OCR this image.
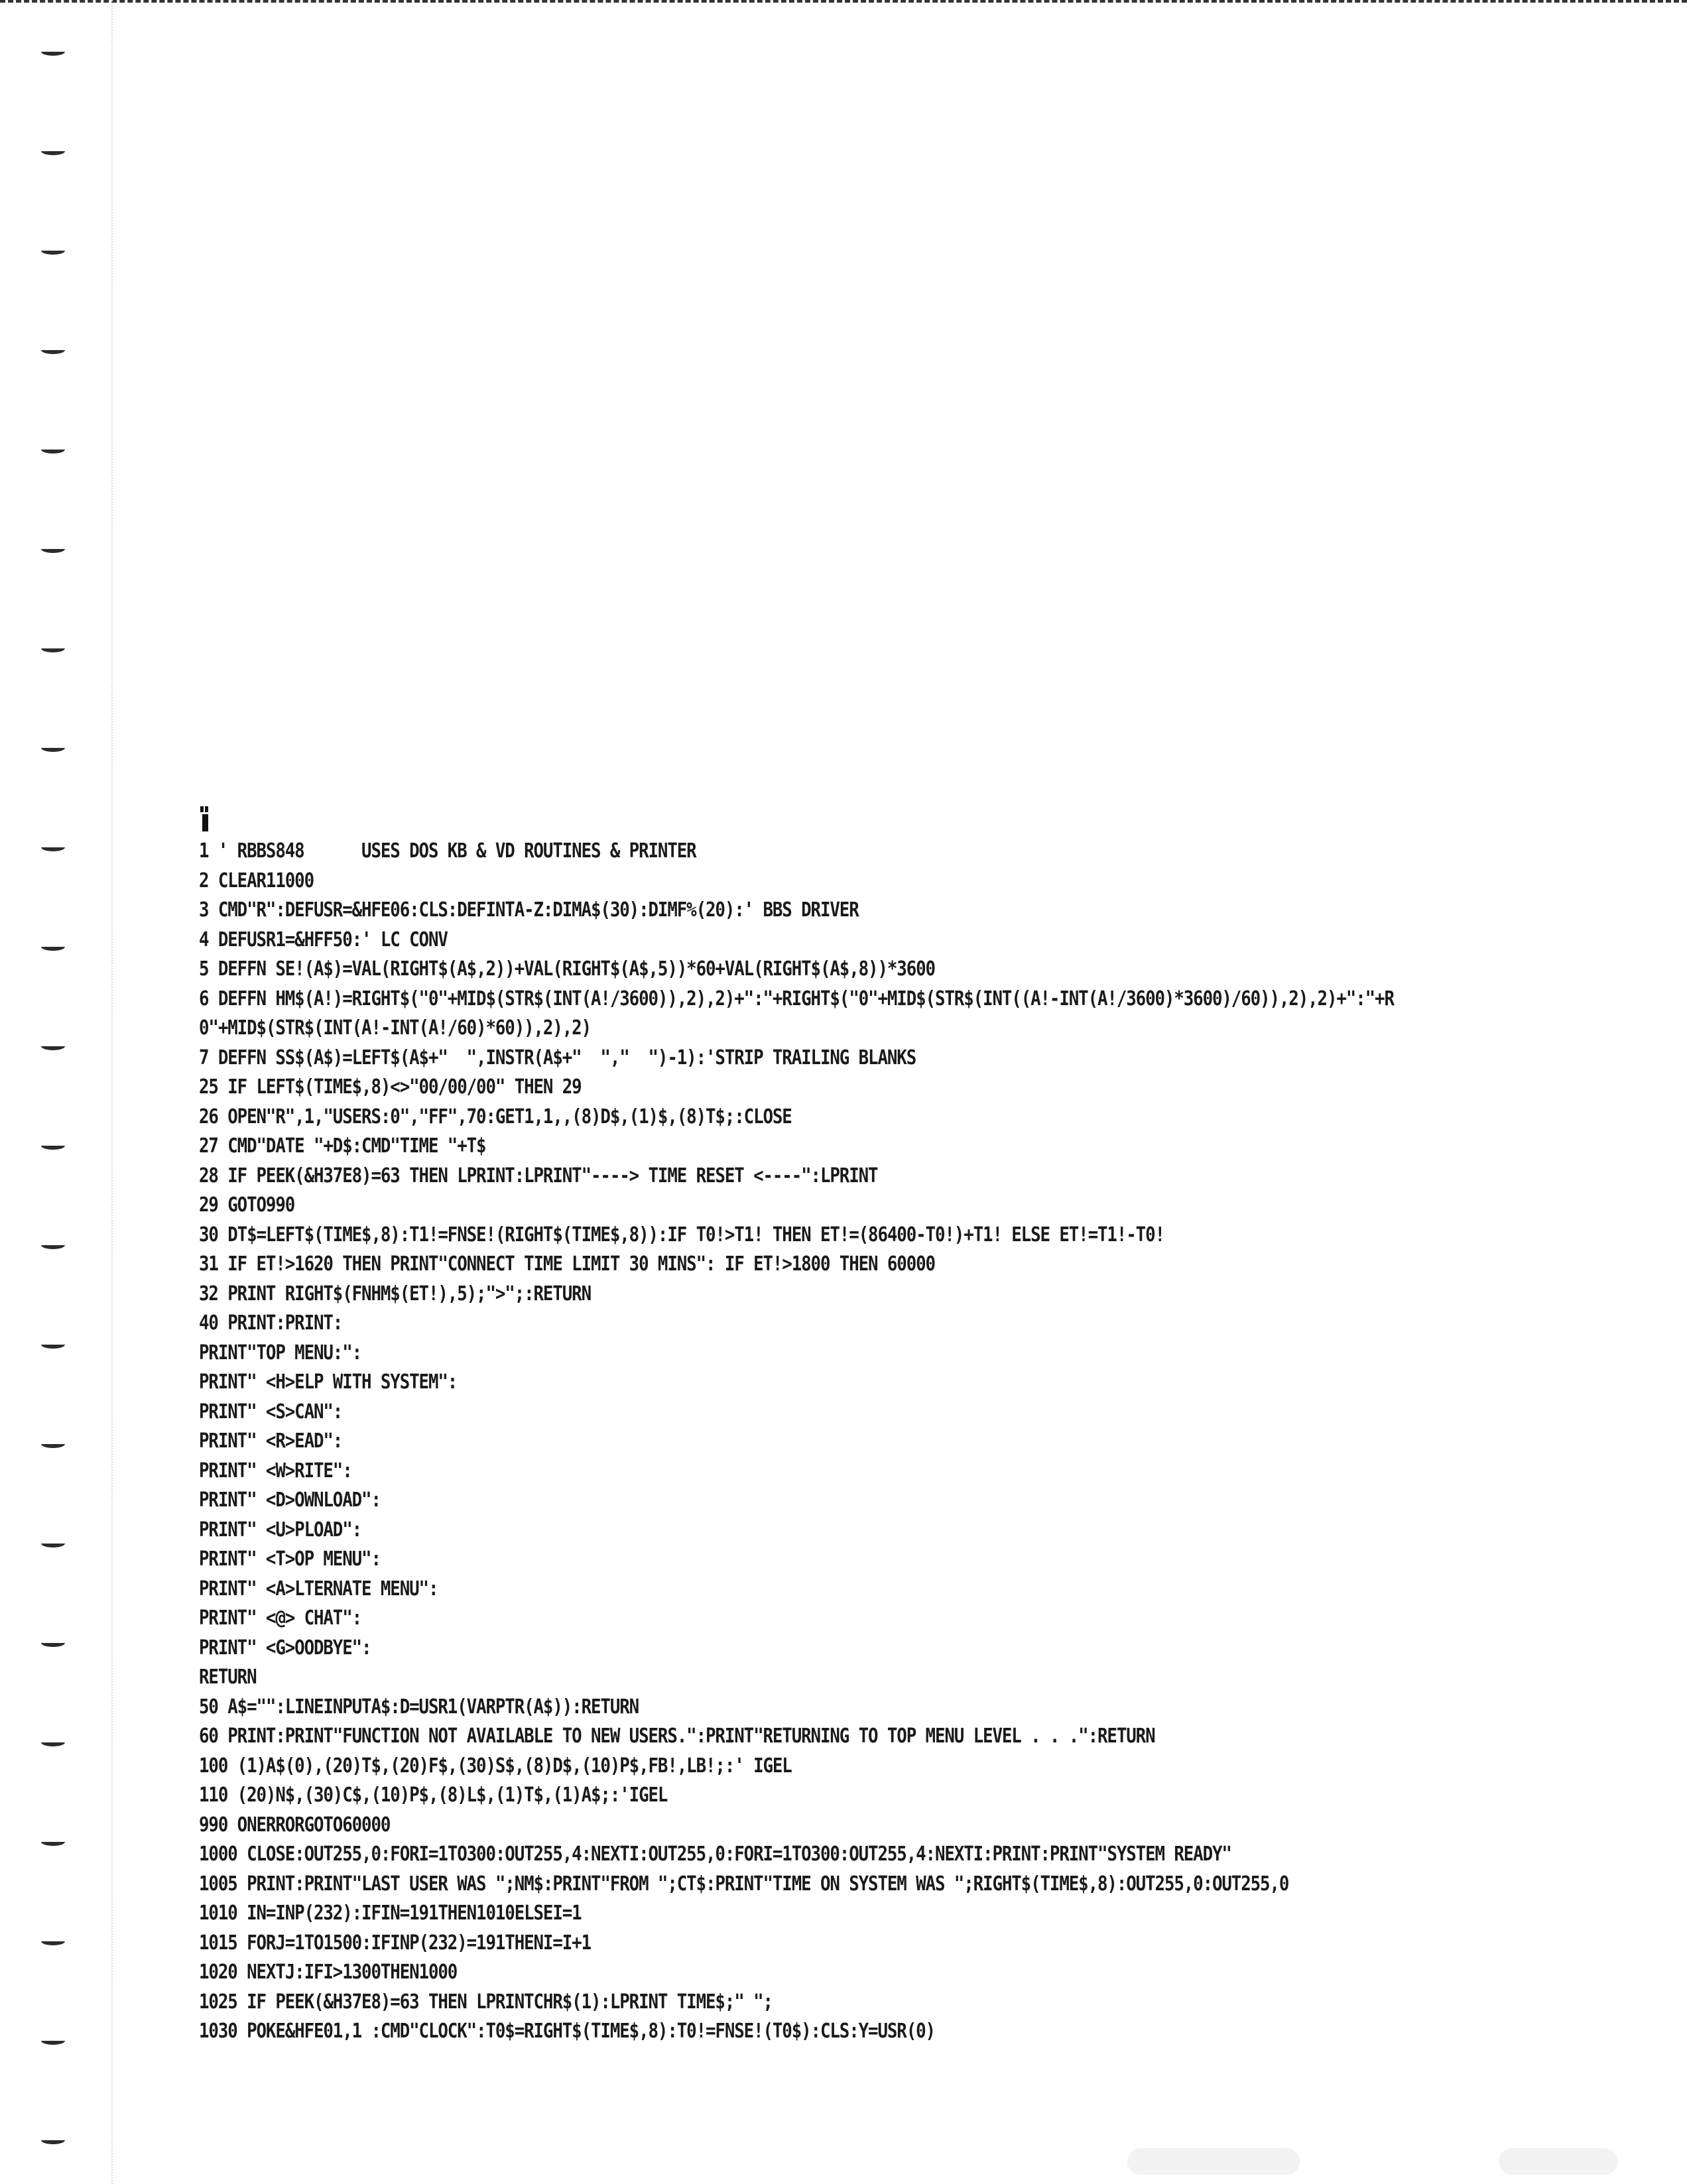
1 ' RBBS848      USES DOS KB & VD ROUTINES & PRINTER
2 CLEAR11000
3 CMD"R":DEFUSR=&HFE06:CLS:DEFINTA-Z:DIMA$(30):DIMF%(20):' BBS DRIVER
4 DEFUSR1=&HFF50:' LC CONV
5 DEFFN SE!(A$)=VAL(RIGHT$(A$,2))+VAL(RIGHT$(A$,5))*60+VAL(RIGHT$(A$,8))*3600
6 DEFFN HM$(A!)=RIGHT$("0"+MID$(STR$(INT(A!/3600)),2),2)+":"+RIGHT$("0"+MID$(STR$(INT((A!-INT(A!/3600)*3600)/60)),2),2)+":"+R
0"+MID$(STR$(INT(A!-INT(A!/60)*60)),2),2)
7 DEFFN SS$(A$)=LEFT$(A$+"  ",INSTR(A$+"  ","  ")-1):'STRIP TRAILING BLANKS
25 IF LEFT$(TIME$,8)<>"00/00/00" THEN 29
26 OPEN"R",1,"USERS:0","FF",70:GET1,1,,(8)D$,(1)$,(8)T$;:CLOSE
27 CMD"DATE "+D$:CMD"TIME "+T$
28 IF PEEK(&H37E8)=63 THEN LPRINT:LPRINT"----> TIME RESET <----":LPRINT
29 GOTO990
30 DT$=LEFT$(TIME$,8):T1!=FNSE!(RIGHT$(TIME$,8)):IF T0!>T1! THEN ET!=(86400-T0!)+T1! ELSE ET!=T1!-T0!
31 IF ET!>1620 THEN PRINT"CONNECT TIME LIMIT 30 MINS": IF ET!>1800 THEN 60000
32 PRINT RIGHT$(FNHM$(ET!),5);">";:RETURN
40 PRINT:PRINT:
PRINT"TOP MENU:":
PRINT" <H>ELP WITH SYSTEM":
PRINT" <S>CAN":
PRINT" <R>EAD":
PRINT" <W>RITE":
PRINT" <D>OWNLOAD":
PRINT" <U>PLOAD":
PRINT" <T>OP MENU":
PRINT" <A>LTERNATE MENU":
PRINT" <@> CHAT":
PRINT" <G>OODBYE":
RETURN
50 A$="":LINEINPUTA$:D=USR1(VARPTR(A$)):RETURN
60 PRINT:PRINT"FUNCTION NOT AVAILABLE TO NEW USERS.":PRINT"RETURNING TO TOP MENU LEVEL . . .":RETURN
100 (1)A$(0),(20)T$,(20)F$,(30)S$,(8)D$,(10)P$,FB!,LB!;:' IGEL
110 (20)N$,(30)C$,(10)P$,(8)L$,(1)T$,(1)A$;:'IGEL
990 ONERRORGOTO60000
1000 CLOSE:OUT255,0:FORI=1TO300:OUT255,4:NEXTI:OUT255,0:FORI=1TO300:OUT255,4:NEXTI:PRINT:PRINT"SYSTEM READY"
1005 PRINT:PRINT"LAST USER WAS ";NM$:PRINT"FROM ";CT$:PRINT"TIME ON SYSTEM WAS ";RIGHT$(TIME$,8):OUT255,0:OUT255,0
1010 IN=INP(232):IFIN=191THEN1010ELSEI=1
1015 FORJ=1TO1500:IFINP(232)=191THENI=I+1
1020 NEXTJ:IFI>1300THEN1000
1025 IF PEEK(&H37E8)=63 THEN LPRINTCHR$(1):LPRINT TIME$;" ";
1030 POKE&HFE01,1 :CMD"CLOCK":T0$=RIGHT$(TIME$,8):T0!=FNSE!(T0$):CLS:Y=USR(0)
